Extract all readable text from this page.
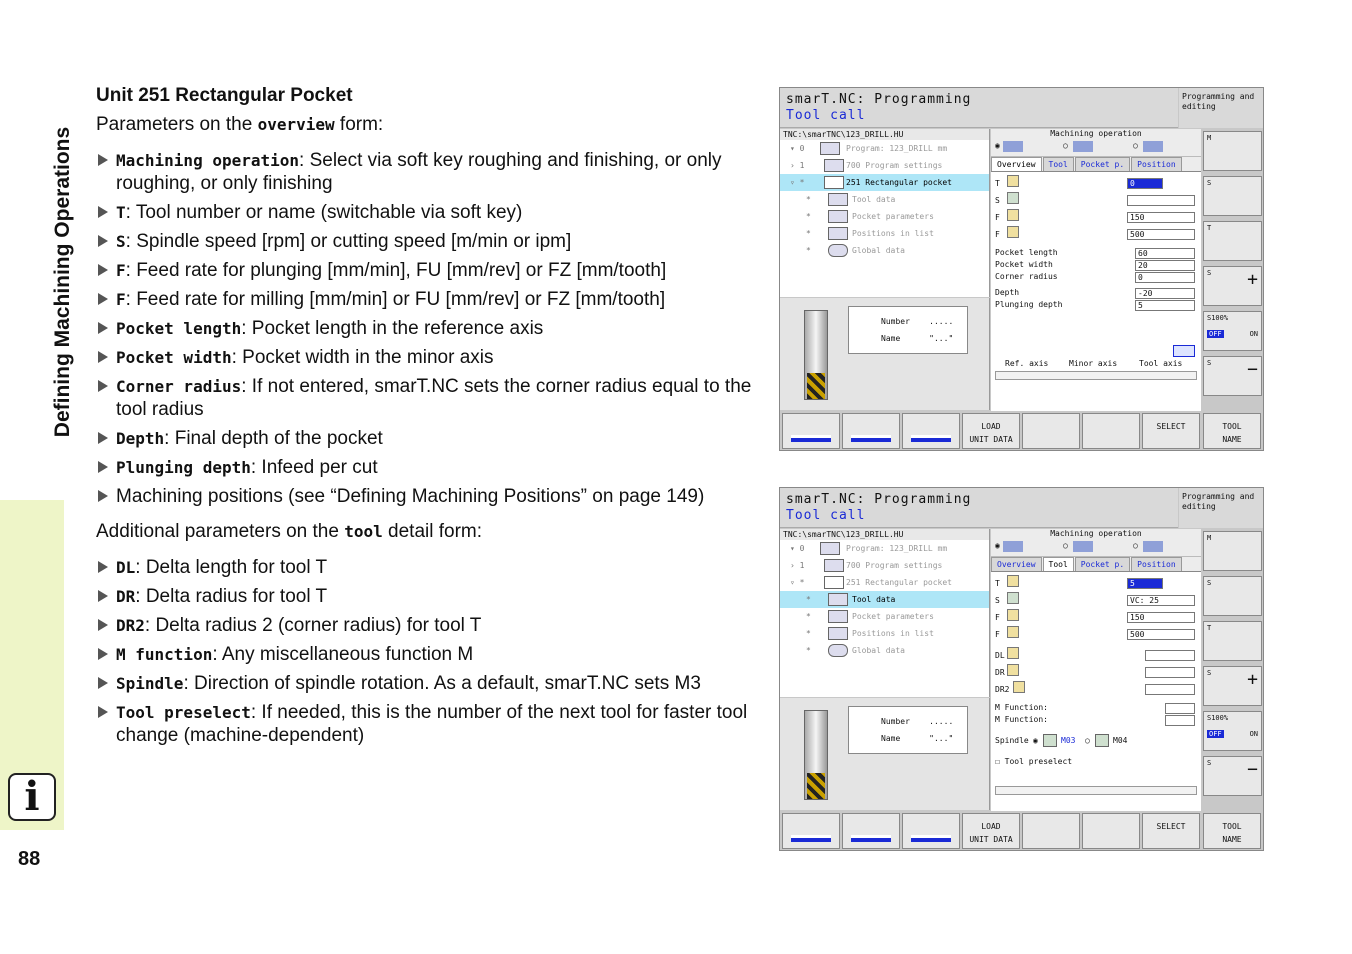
Defining Machining Operations
i
88
Unit 251 Rectangular Pocket

Parameters on the overview form:

Machining operation: Select via soft key roughing and finishing, or only roughing, or only finishing
T: Tool number or name (switchable via soft key)
S: Spindle speed [rpm] or cutting speed [m/min or ipm]
F: Feed rate for plunging [mm/min], FU [mm/rev] or FZ [mm/tooth]
F: Feed rate for milling [mm/min] or FU [mm/rev] or FZ [mm/tooth]
Pocket length: Pocket length in the reference axis
Pocket width: Pocket width in the minor axis
Corner radius: If not entered, smarT.NC sets the corner radius equal to the tool radius
Depth: Final depth of the pocket
Plunging depth: Infeed per cut
Machining positions (see “Defining Machining Positions” on page 149)

Additional parameters on the tool detail form:

DL: Delta length for tool T
DR: Delta radius for tool T
DR2: Delta radius 2 (corner radius) for tool T
M function: Any miscellaneous function M
Spindle: Direction of spindle rotation. As a default, smarT.NC sets M3
Tool preselect: If needed, this is the number of the next tool for faster tool change (machine-dependent)
smarT.NC: Programming
Tool call
Programming and editing
TNC:\smarTNC\123_DRILL.HU
▾ 0	Program: 123_DRILL mm
› 1	700 Program settings
▿ *	251 Rectangular pocket
*	Tool data
*	Pocket parameters
*	Positions in list
*	Global data
Number .....
Name	"..."
Machining operation
◉	○	○
Overview	Tool	Pocket p.	Position
T	0
S
F	150
F	500
Pocket length	60
Pocket width	20
Corner radius	0
Depth	-20
Plunging depth	5
Ref. axis	Minor axis	Tool axis
M
S
T
S +
S100%

OFF	ON
S −
LOAD
UNIT DATA
SELECT	TOOL
NAME
smarT.NC: Programming
Tool call
Programming and editing
TNC:\smarTNC\123_DRILL.HU
▾ 0	Program: 123_DRILL mm
› 1	700 Program settings
▿ *	251 Rectangular pocket
*	Tool data
*	Pocket parameters
*	Positions in list
*	Global data
Number .....
Name	"..."
Machining operation
◉	○	○
Overview	Tool	Pocket p.	Position
T	5
S	VC: 25
F	150
F	500
DL
DR
DR2
M Function:
M Function:
Spindle ◉	M03 ○	M04
☐ Tool preselect
M
S
T
S +
S100%

OFF	ON
S −
LOAD
UNIT DATA
SELECT	TOOL
NAME
